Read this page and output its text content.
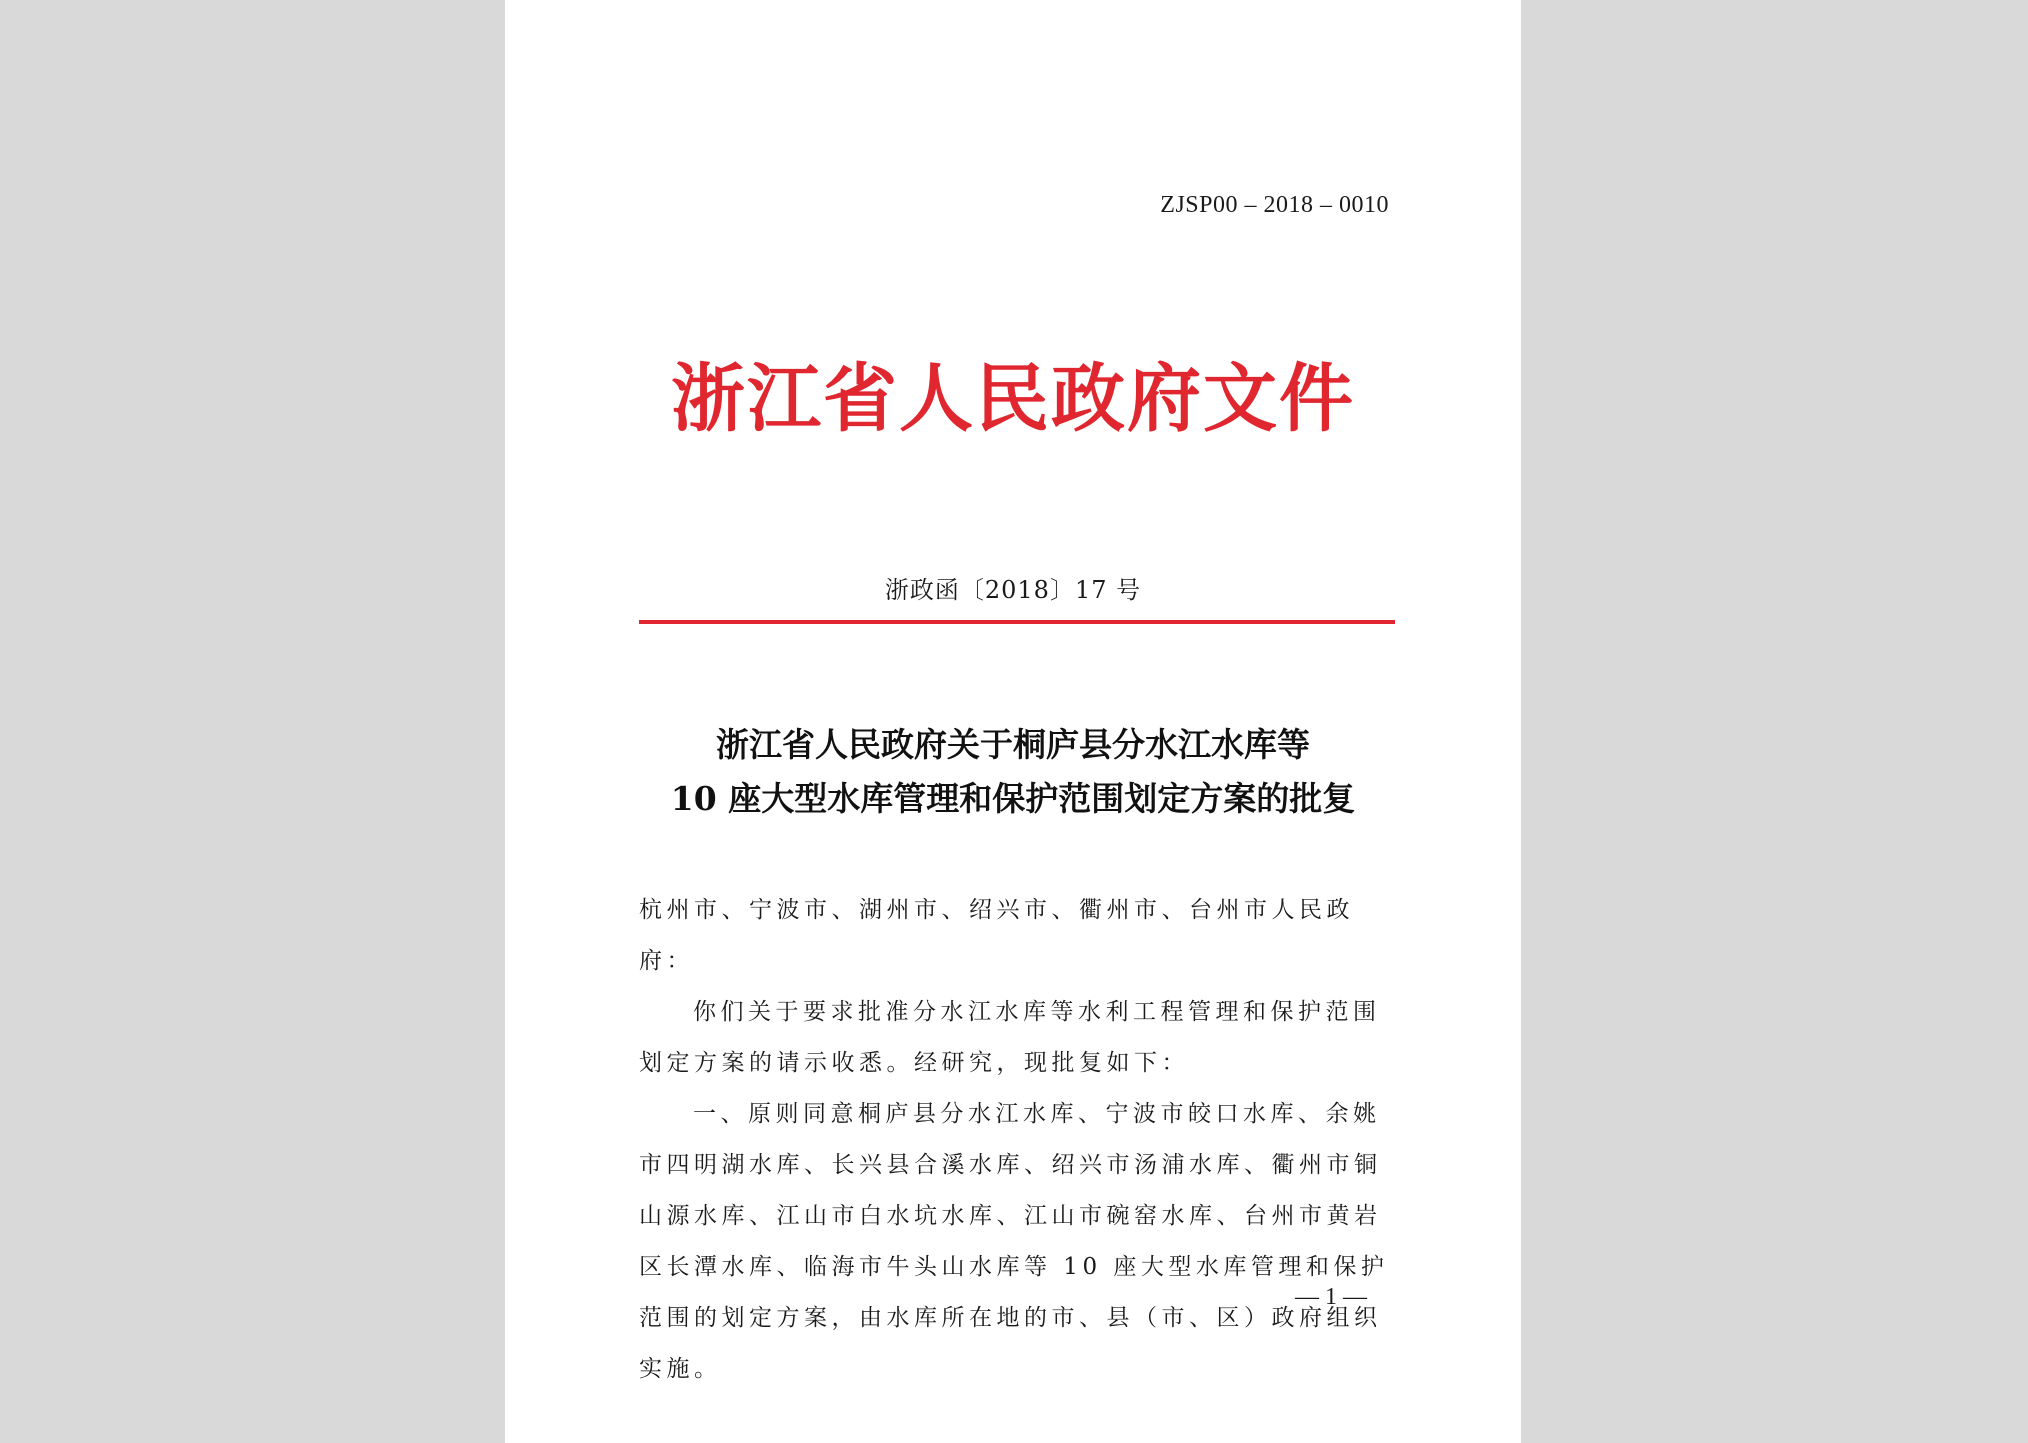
ZJSP00 – 2018 – 0010
浙江省人民政府文件
浙政函〔2018〕17 号
浙江省人民政府关于桐庐县分水江水库等
10 座大型水库管理和保护范围划定方案的批复

杭州市、宁波市、湖州市、绍兴市、衢州市、台州市人民政府：

你们关于要求批准分水江水库等水利工程管理和保护范围划定方案的请示收悉。经研究，现批复如下：

一、原则同意桐庐县分水江水库、宁波市皎口水库、余姚市四明湖水库、长兴县合溪水库、绍兴市汤浦水库、衢州市铜山源水库、江山市白水坑水库、江山市碗窑水库、台州市黄岩区长潭水库、临海市牛头山水库等 10 座大型水库管理和保护范围的划定方案，由水库所在地的市、县（市、区）政府组织实施。

— 1 —
